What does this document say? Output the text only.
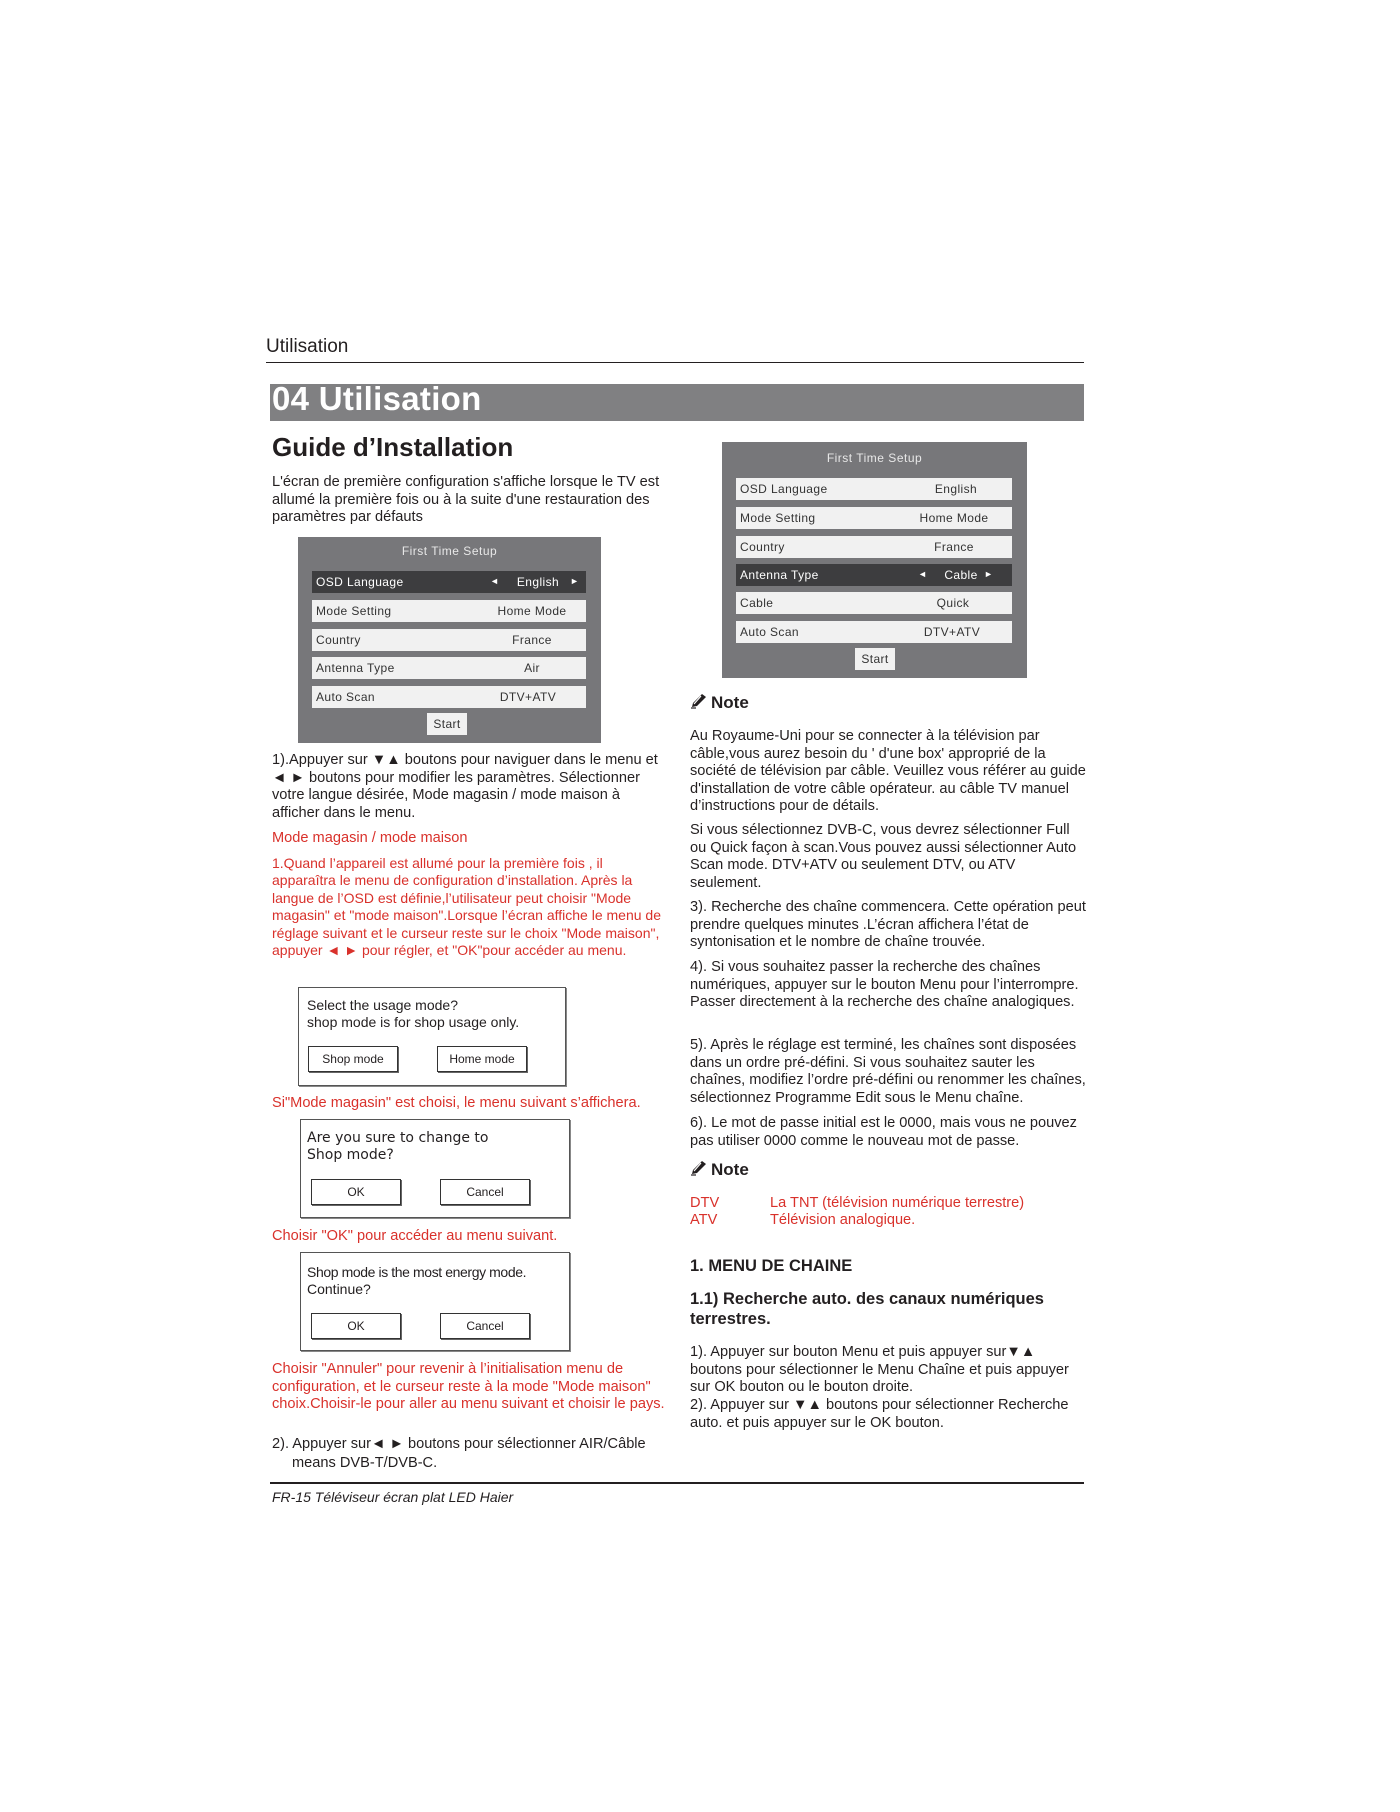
Utilisation
04 Utilisation
Guide d’Installation
L'écran de première configuration s'affiche lorsque le TV est allumé la première fois ou à la suite d'une restauration des paramètres par défauts
First Time Setup
OSD Language	◄	English	►
Mode Setting	Home Mode
Country	France
Antenna Type	Air
Auto Scan	DTV+ATV
Start
1).Appuyer sur ▼▲ boutons pour naviguer dans le menu et ◄ ► boutons pour modifier les paramètres. Sélectionner votre langue désirée, Mode magasin / mode maison à afficher dans le menu.
Mode magasin / mode maison
1.Quand l’appareil est allumé pour la première fois , il apparaîtra le menu de configuration d’installation. Après la langue de l’OSD est définie,l’utilisateur peut choisir "Mode magasin" et "mode maison".Lorsque l’écran affiche le menu de réglage suivant et le curseur reste sur le choix "Mode maison", appuyer ◄ ► pour régler, et "OK"pour accéder au menu.
Select the usage mode?
shop mode is for shop usage only.
Shop mode	Home mode
Si"Mode magasin" est choisi, le menu suivant s’affichera.
Are you sure to change to
Shop mode?
OK	Cancel
Choisir "OK" pour accéder au menu suivant.
Shop mode is the most energy mode.
Continue?
OK	Cancel
Choisir "Annuler" pour revenir à l’initialisation menu de configuration, et le curseur reste à la mode "Mode maison" choix.Choisir-le pour aller au menu suivant et choisir le pays.
2). Appuyer sur◄ ► boutons pour sélectionner AIR/Câble
means DVB-T/DVB-C.
First Time Setup
OSD Language	English
Mode Setting	Home Mode
Country	France
Antenna Type	◄	Cable ►
Cable	Quick
Auto Scan	DTV+ATV
Start
Note
Au Royaume-Uni pour se connecter à la télévision par câble,vous aurez besoin du ' d'une box' approprié de la société de télévision par câble. Veuillez vous référer au guide d'installation de votre câble opérateur. au câble TV manuel d’instructions pour de détails.
Si vous sélectionnez DVB-C, vous devrez sélectionner Full ou Quick façon à scan.Vous pouvez aussi sélectionner Auto Scan mode. DTV+ATV ou seulement DTV, ou ATV seulement.
3). Recherche des chaîne commencera. Cette opération peut prendre quelques minutes .L’écran affichera l’état de syntonisation et le nombre de chaîne trouvée.
4). Si vous souhaitez passer la recherche des chaînes numériques, appuyer sur le bouton Menu pour l’interrompre. Passer directement à la recherche des chaîne analogiques.
5). Après le réglage est terminé, les chaînes sont disposées dans un ordre pré-défini. Si vous souhaitez sauter les chaînes, modifiez l’ordre pré-défini ou renommer les chaînes, sélectionnez Programme Edit sous le Menu chaîne.
6). Le mot de passe initial est le 0000, mais vous ne pouvez pas utiliser 0000 comme le nouveau mot de passe.
Note
DTV	La TNT (télévision numérique terrestre)
ATV	Télévision analogique.
1. MENU DE CHAINE
1.1) Recherche auto. des canaux numériques terrestres.
1). Appuyer sur bouton Menu et puis appuyer sur▼▲ boutons pour sélectionner le Menu Chaîne et puis appuyer sur OK bouton ou le bouton droite.
2). Appuyer sur ▼▲ boutons pour sélectionner Recherche auto. et puis appuyer sur le OK bouton.
FR-15 Téléviseur écran plat LED Haier
